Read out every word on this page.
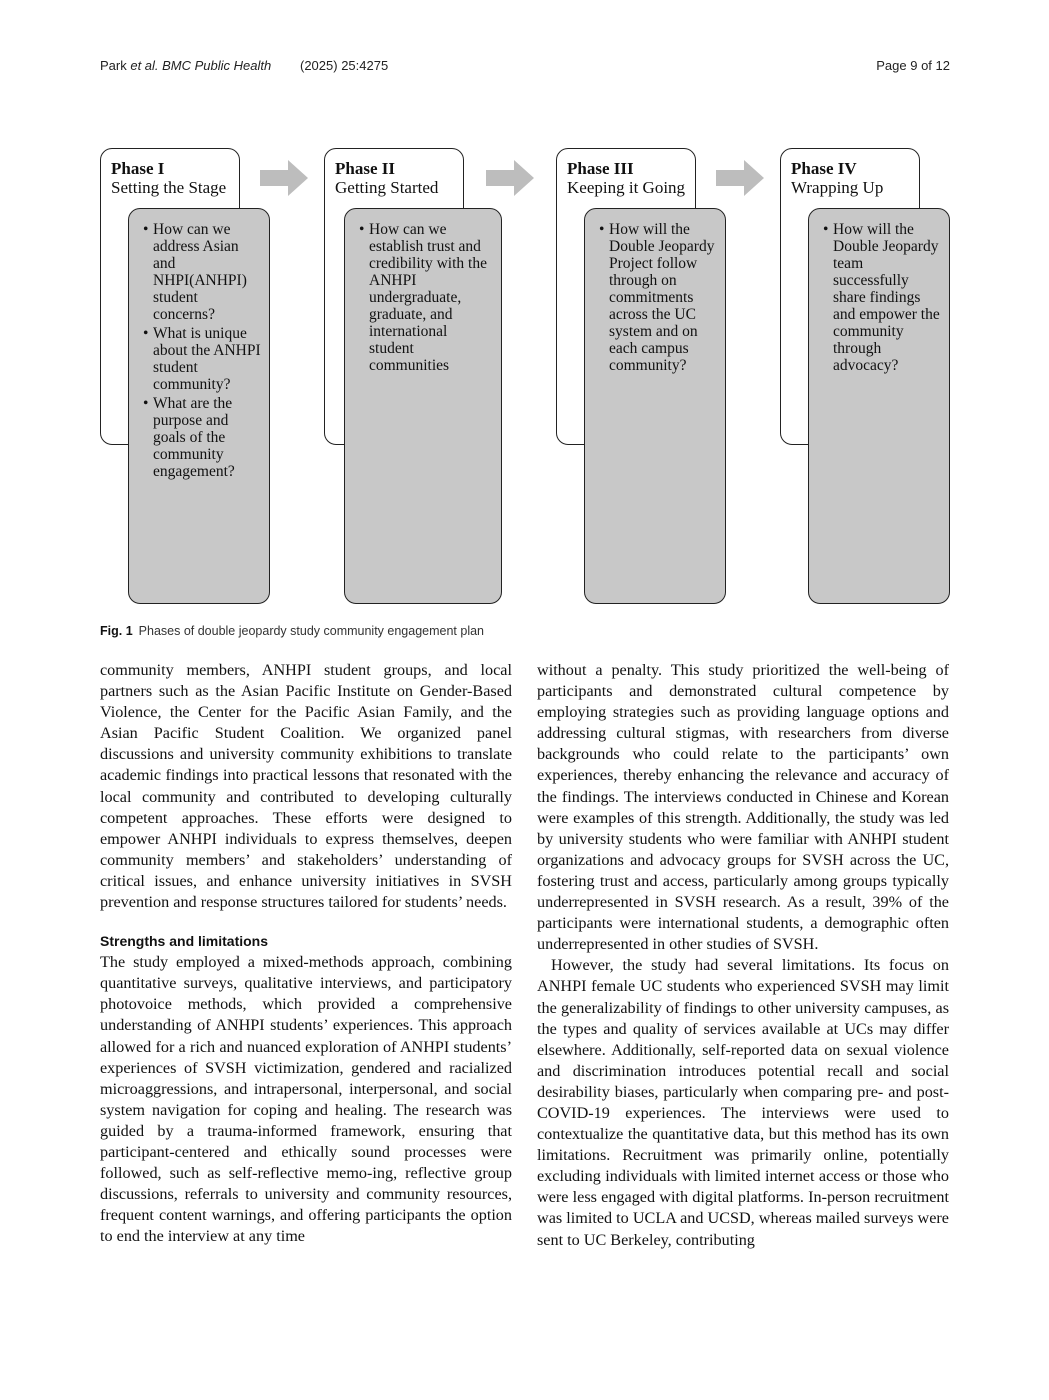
Park et al. BMC Public Health (2025) 25:4275	Page 9 of 12
Phase I
Setting the Stage
• How can we address Asian and NHPI(ANHPI) student concerns?
• What is unique about the ANHPI student community?
• What are the purpose and goals of the community engagement?
Phase II
Getting Started
• How can we establish trust and credibility with the ANHPI undergraduate, graduate, and international student communities
Phase III
Keeping it Going
• How will the Double Jeopardy Project follow through on commitments across the UC system and on each campus community?
Phase IV
Wrapping Up
• How will the Double Jeopardy team successfully share findings and empower the community through advocacy?
Fig. 1 Phases of double jeopardy study community engagement plan

community members, ANHPI student groups, and local partners such as the Asian Pacific Institute on Gender-Based Violence, the Center for the Pacific Asian Family, and the Asian Pacific Student Coalition. We organized panel discussions and university community exhibitions to translate academic findings into practical lessons that resonated with the local community and contributed to developing culturally competent approaches. These efforts were designed to empower ANHPI individuals to express themselves, deepen community members’ and stakeholders’ understanding of critical issues, and enhance university initiatives in SVSH prevention and response structures tailored for students’ needs.

Strengths and limitations

The study employed a mixed-methods approach, combining quantitative surveys, qualitative interviews, and participatory photovoice methods, which provided a comprehensive understanding of ANHPI students’ experiences. This approach allowed for a rich and nuanced exploration of ANHPI students’ experiences of SVSH victimization, gendered and racialized microaggressions, and intrapersonal, interpersonal, and social system navigation for coping and healing. The research was guided by a trauma-informed framework, ensuring that participant-centered and ethically sound processes were followed, such as self-reflective memo-ing, reflective group discussions, referrals to university and community resources, frequent content warnings, and offering participants the option to end the interview at any time

without a penalty. This study prioritized the well-being of participants and demonstrated cultural competence by employing strategies such as providing language options and addressing cultural stigmas, with researchers from diverse backgrounds who could relate to the participants’ own experiences, thereby enhancing the relevance and accuracy of the findings. The interviews conducted in Chinese and Korean were examples of this strength. Additionally, the study was led by university students who were familiar with ANHPI student organizations and advocacy groups for SVSH across the UC, fostering trust and access, particularly among groups typically underrepresented in SVSH research. As a result, 39% of the participants were international students, a demographic often underrepresented in other studies of SVSH.

However, the study had several limitations. Its focus on ANHPI female UC students who experienced SVSH may limit the generalizability of findings to other university campuses, as the types and quality of services available at UCs may differ elsewhere. Additionally, self-reported data on sexual violence and discrimination introduces potential recall and social desirability biases, particularly when comparing pre- and post-COVID-19 experiences. The interviews were used to contextualize the quantitative data, but this method has its own limitations. Recruitment was primarily online, potentially excluding individuals with limited internet access or those who were less engaged with digital platforms. In-person recruitment was limited to UCLA and UCSD, whereas mailed surveys were sent to UC Berkeley, contributing
